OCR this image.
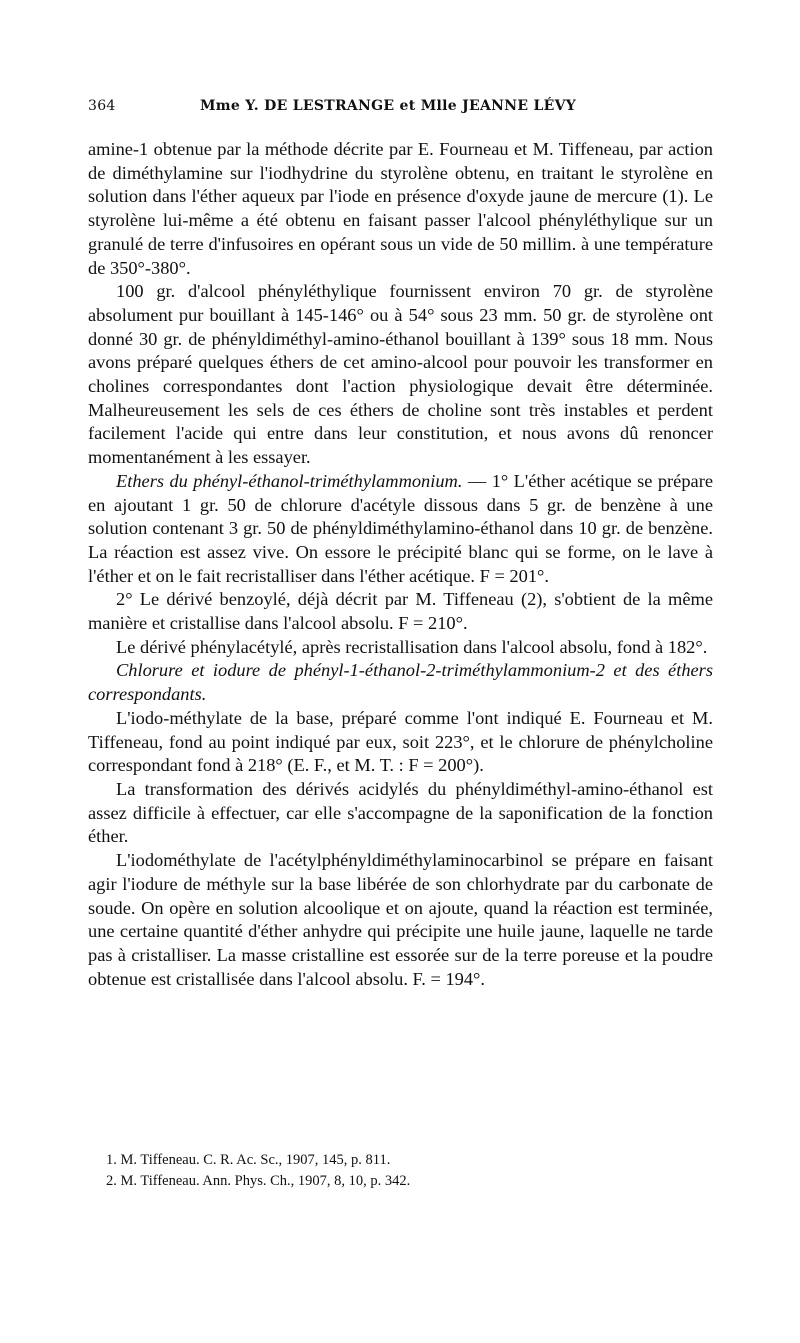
364	Mme Y. DE LESTRANGE et Mlle JEANNE LÉVY

amine-1 obtenue par la méthode décrite par E. Fourneau et M. Tiffeneau, par action de diméthylamine sur l'iodhydrine du styrolène obtenu, en traitant le styrolène en solution dans l'éther aqueux par l'iode en présence d'oxyde jaune de mercure (1). Le styrolène lui-même a été obtenu en faisant passer l'alcool phényléthylique sur un granulé de terre d'infusoires en opérant sous un vide de 50 millim. à une température de 350°-380°.

100 gr. d'alcool phényléthylique fournissent environ 70 gr. de styrolène absolument pur bouillant à 145-146° ou à 54° sous 23 mm. 50 gr. de styrolène ont donné 30 gr. de phényldiméthyl-amino-éthanol bouillant à 139° sous 18 mm. Nous avons préparé quelques éthers de cet amino-alcool pour pouvoir les transformer en cholines correspondantes dont l'action physiologique devait être déterminée. Malheureusement les sels de ces éthers de choline sont très instables et perdent facilement l'acide qui entre dans leur constitution, et nous avons dû renoncer momentanément à les essayer.

Ethers du phényl-éthanol-triméthylammonium. — 1° L'éther acétique se prépare en ajoutant 1 gr. 50 de chlorure d'acétyle dissous dans 5 gr. de benzène à une solution contenant 3 gr. 50 de phényldiméthylamino-éthanol dans 10 gr. de benzène. La réaction est assez vive. On essore le précipité blanc qui se forme, on le lave à l'éther et on le fait recristalliser dans l'éther acétique. F = 201°.

2° Le dérivé benzoylé, déjà décrit par M. Tiffeneau (2), s'obtient de la même manière et cristallise dans l'alcool absolu. F = 210°.

Le dérivé phénylacétylé, après recristallisation dans l'alcool absolu, fond à 182°.

Chlorure et iodure de phényl-1-éthanol-2-triméthylammonium-2 et des éthers correspondants.

L'iodo-méthylate de la base, préparé comme l'ont indiqué E. Fourneau et M. Tiffeneau, fond au point indiqué par eux, soit 223°, et le chlorure de phénylcholine correspondant fond à 218° (E. F., et M. T. : F = 200°).

La transformation des dérivés acidylés du phényldiméthyl-amino-éthanol est assez difficile à effectuer, car elle s'accompagne de la saponification de la fonction éther.

L'iodométhylate de l'acétylphényldiméthylaminocarbinol se prépare en faisant agir l'iodure de méthyle sur la base libérée de son chlorhydrate par du carbonate de soude. On opère en solution alcoolique et on ajoute, quand la réaction est terminée, une certaine quantité d'éther anhydre qui précipite une huile jaune, laquelle ne tarde pas à cristalliser. La masse cristalline est essorée sur de la terre poreuse et la poudre obtenue est cristallisée dans l'alcool absolu. F. = 194°.

1. M. Tiffeneau. C. R. Ac. Sc., 1907, 145, p. 811.
2. M. Tiffeneau. Ann. Phys. Ch., 1907, 8, 10, p. 342.
